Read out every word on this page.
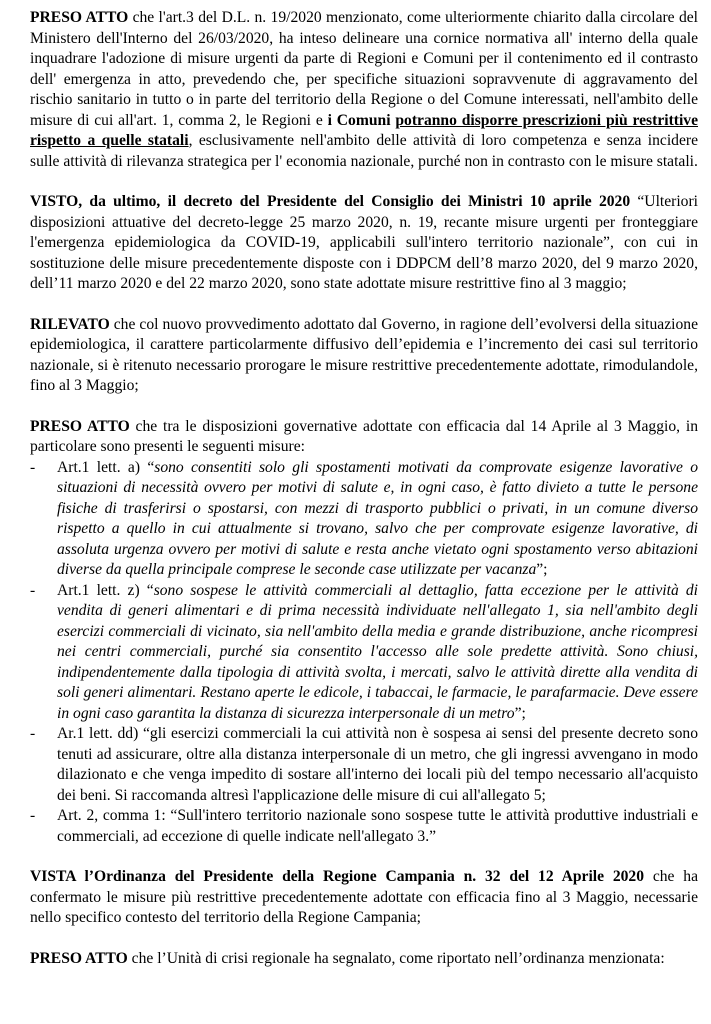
PRESO ATTO che l'art.3 del D.L. n. 19/2020 menzionato, come ulteriormente chiarito dalla circolare del Ministero dell'Interno del 26/03/2020, ha inteso delineare una cornice normativa all' interno della quale inquadrare l'adozione di misure urgenti da parte di Regioni e Comuni per il contenimento ed il contrasto dell' emergenza in atto, prevedendo che, per specifiche situazioni sopravvenute di aggravamento del rischio sanitario in tutto o in parte del territorio della Regione o del Comune interessati, nell'ambito delle misure di cui all'art. 1, comma 2, le Regioni e i Comuni potranno disporre prescrizioni più restrittive rispetto a quelle statali, esclusivamente nell'ambito delle attività di loro competenza e senza incidere sulle attività di rilevanza strategica per l' economia nazionale, purché non in contrasto con le misure statali.

VISTO, da ultimo, il decreto del Presidente del Consiglio dei Ministri 10 aprile 2020 “Ulteriori disposizioni attuative del decreto-legge 25 marzo 2020, n. 19, recante misure urgenti per fronteggiare l'emergenza epidemiologica da COVID-19, applicabili sull'intero territorio nazionale”, con cui in sostituzione delle misure precedentemente disposte con i DDPCM dell’8 marzo 2020, del 9 marzo 2020, dell’11 marzo 2020 e del 22 marzo 2020, sono state adottate misure restrittive fino al 3 maggio;

RILEVATO che col nuovo provvedimento adottato dal Governo, in ragione dell’evolversi della situazione epidemiologica, il carattere particolarmente diffusivo dell’epidemia e l’incremento dei casi sul territorio nazionale, si è ritenuto necessario prorogare le misure restrittive precedentemente adottate, rimodulandole, fino al 3 Maggio;

PRESO ATTO che tra le disposizioni governative adottate con efficacia dal 14 Aprile al 3 Maggio, in particolare sono presenti le seguenti misure:

- Art.1 lett. a) “sono consentiti solo gli spostamenti motivati da comprovate esigenze lavorative o situazioni di necessità ovvero per motivi di salute e, in ogni caso, è fatto divieto a tutte le persone fisiche di trasferirsi o spostarsi, con mezzi di trasporto pubblici o privati, in un comune diverso rispetto a quello in cui attualmente si trovano, salvo che per comprovate esigenze lavorative, di assoluta urgenza ovvero per motivi di salute e resta anche vietato ogni spostamento verso abitazioni diverse da quella principale comprese le seconde case utilizzate per vacanza”;
- Art.1 lett. z) “sono sospese le attività commerciali al dettaglio, fatta eccezione per le attività di vendita di generi alimentari e di prima necessità individuate nell'allegato 1, sia nell'ambito degli esercizi commerciali di vicinato, sia nell'ambito della media e grande distribuzione, anche ricompresi nei centri commerciali, purché sia consentito l'accesso alle sole predette attività. Sono chiusi, indipendentemente dalla tipologia di attività svolta, i mercati, salvo le attività dirette alla vendita di soli generi alimentari. Restano aperte le edicole, i tabaccai, le farmacie, le parafarmacie. Deve essere in ogni caso garantita la distanza di sicurezza interpersonale di un metro”;
- Ar.1 lett. dd) “gli esercizi commerciali la cui attività non è sospesa ai sensi del presente decreto sono tenuti ad assicurare, oltre alla distanza interpersonale di un metro, che gli ingressi avvengano in modo dilazionato e che venga impedito di sostare all'interno dei locali più del tempo necessario all'acquisto dei beni. Si raccomanda altresì l'applicazione delle misure di cui all'allegato 5;
- Art. 2, comma 1: “Sull'intero territorio nazionale sono sospese tutte le attività produttive industriali e commerciali, ad eccezione di quelle indicate nell'allegato 3.”

VISTA l’Ordinanza del Presidente della Regione Campania n. 32 del 12 Aprile 2020 che ha confermato le misure più restrittive precedentemente adottate con efficacia fino al 3 Maggio, necessarie nello specifico contesto del territorio della Regione Campania;

PRESO ATTO che l’Unità di crisi regionale ha segnalato, come riportato nell’ordinanza menzionata:
